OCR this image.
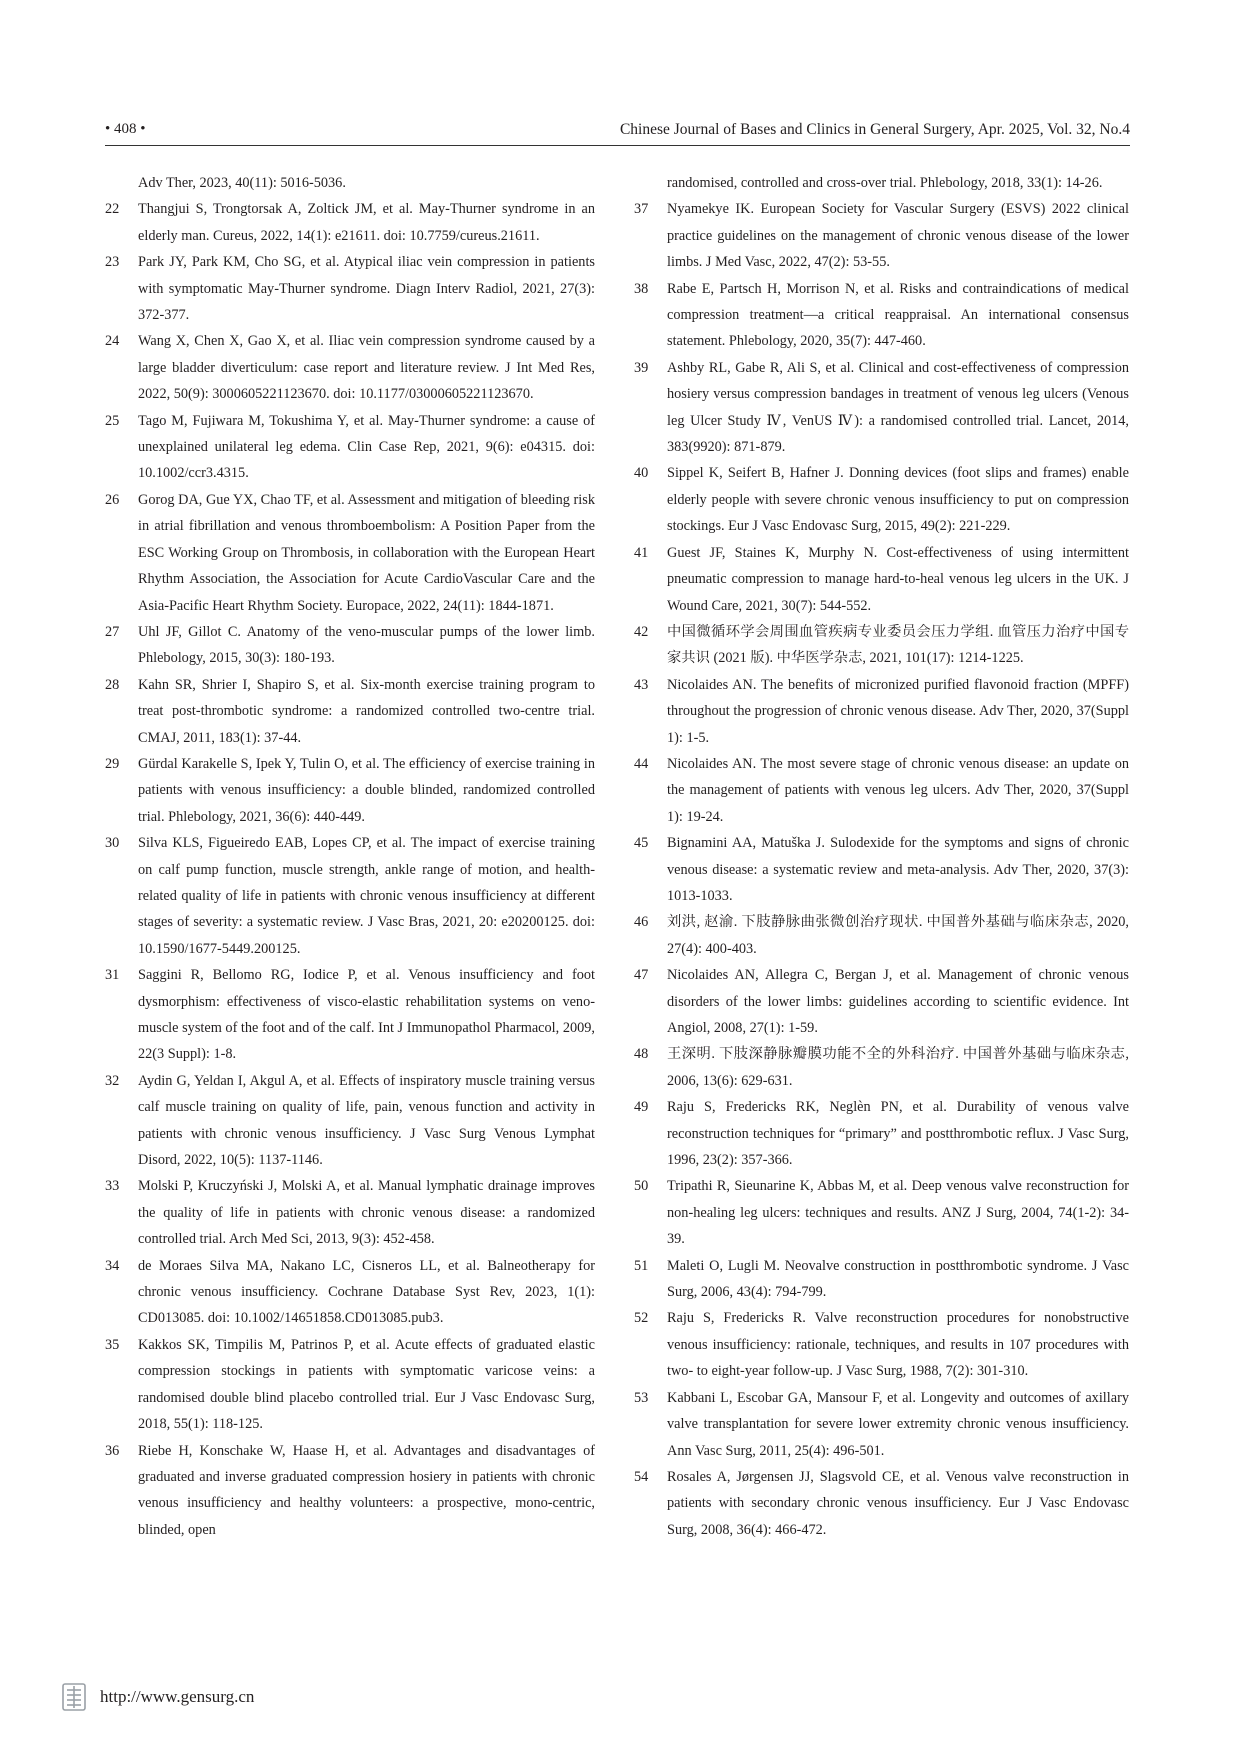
• 408 •	Chinese Journal of Bases and Clinics in General Surgery, Apr. 2025, Vol. 32, No.4
Adv Ther, 2023, 40(11): 5016-5036.
22	Thangjui S, Trongtorsak A, Zoltick JM, et al. May-Thurner syndrome in an elderly man. Cureus, 2022, 14(1): e21611. doi: 10.7759/cureus.21611.
23	Park JY, Park KM, Cho SG, et al. Atypical iliac vein compression in patients with symptomatic May-Thurner syndrome. Diagn Interv Radiol, 2021, 27(3): 372-377.
24	Wang X, Chen X, Gao X, et al. Iliac vein compression syndrome caused by a large bladder diverticulum: case report and literature review. J Int Med Res, 2022, 50(9): 3000605221123670. doi: 10.1177/03000605221123670.
25	Tago M, Fujiwara M, Tokushima Y, et al. May-Thurner syndrome: a cause of unexplained unilateral leg edema. Clin Case Rep, 2021, 9(6): e04315. doi: 10.1002/ccr3.4315.
26	Gorog DA, Gue YX, Chao TF, et al. Assessment and mitigation of bleeding risk in atrial fibrillation and venous thromboembolism: A Position Paper from the ESC Working Group on Thrombosis, in collaboration with the European Heart Rhythm Association, the Association for Acute CardioVascular Care and the Asia-Pacific Heart Rhythm Society. Europace, 2022, 24(11): 1844-1871.
27	Uhl JF, Gillot C. Anatomy of the veno-muscular pumps of the lower limb. Phlebology, 2015, 30(3): 180-193.
28	Kahn SR, Shrier I, Shapiro S, et al. Six-month exercise training program to treat post-thrombotic syndrome: a randomized controlled two-centre trial. CMAJ, 2011, 183(1): 37-44.
29	Gürdal Karakelle S, Ipek Y, Tulin O, et al. The efficiency of exercise training in patients with venous insufficiency: a double blinded, randomized controlled trial. Phlebology, 2021, 36(6): 440-449.
30	Silva KLS, Figueiredo EAB, Lopes CP, et al. The impact of exercise training on calf pump function, muscle strength, ankle range of motion, and health-related quality of life in patients with chronic venous insufficiency at different stages of severity: a systematic review. J Vasc Bras, 2021, 20: e20200125. doi: 10.1590/1677-5449.200125.
31	Saggini R, Bellomo RG, Iodice P, et al. Venous insufficiency and foot dysmorphism: effectiveness of visco-elastic rehabilitation systems on veno-muscle system of the foot and of the calf. Int J Immunopathol Pharmacol, 2009, 22(3 Suppl): 1-8.
32	Aydin G, Yeldan I, Akgul A, et al. Effects of inspiratory muscle training versus calf muscle training on quality of life, pain, venous function and activity in patients with chronic venous insufficiency. J Vasc Surg Venous Lymphat Disord, 2022, 10(5): 1137-1146.
33	Molski P, Kruczyński J, Molski A, et al. Manual lymphatic drainage improves the quality of life in patients with chronic venous disease: a randomized controlled trial. Arch Med Sci, 2013, 9(3): 452-458.
34	de Moraes Silva MA, Nakano LC, Cisneros LL, et al. Balneotherapy for chronic venous insufficiency. Cochrane Database Syst Rev, 2023, 1(1): CD013085. doi: 10.1002/14651858.CD013085.pub3.
35	Kakkos SK, Timpilis M, Patrinos P, et al. Acute effects of graduated elastic compression stockings in patients with symptomatic varicose veins: a randomised double blind placebo controlled trial. Eur J Vasc Endovasc Surg, 2018, 55(1): 118-125.
36	Riebe H, Konschake W, Haase H, et al. Advantages and disadvantages of graduated and inverse graduated compression hosiery in patients with chronic venous insufficiency and healthy volunteers: a prospective, mono-centric, blinded, open
randomised, controlled and cross-over trial. Phlebology, 2018, 33(1): 14-26.
37	Nyamekye IK. European Society for Vascular Surgery (ESVS) 2022 clinical practice guidelines on the management of chronic venous disease of the lower limbs. J Med Vasc, 2022, 47(2): 53-55.
38	Rabe E, Partsch H, Morrison N, et al. Risks and contraindications of medical compression treatment—a critical reappraisal. An international consensus statement. Phlebology, 2020, 35(7): 447-460.
39	Ashby RL, Gabe R, Ali S, et al. Clinical and cost-effectiveness of compression hosiery versus compression bandages in treatment of venous leg ulcers (Venous leg Ulcer Study Ⅳ, VenUS Ⅳ): a randomised controlled trial. Lancet, 2014, 383(9920): 871-879.
40	Sippel K, Seifert B, Hafner J. Donning devices (foot slips and frames) enable elderly people with severe chronic venous insufficiency to put on compression stockings. Eur J Vasc Endovasc Surg, 2015, 49(2): 221-229.
41	Guest JF, Staines K, Murphy N. Cost-effectiveness of using intermittent pneumatic compression to manage hard-to-heal venous leg ulcers in the UK. J Wound Care, 2021, 30(7): 544-552.
42	中国微循环学会周围血管疾病专业委员会压力学组. 血管压力治疗中国专家共识 (2021 版). 中华医学杂志, 2021, 101(17): 1214-1225.
43	Nicolaides AN. The benefits of micronized purified flavonoid fraction (MPFF) throughout the progression of chronic venous disease. Adv Ther, 2020, 37(Suppl 1): 1-5.
44	Nicolaides AN. The most severe stage of chronic venous disease: an update on the management of patients with venous leg ulcers. Adv Ther, 2020, 37(Suppl 1): 19-24.
45	Bignamini AA, Matuška J. Sulodexide for the symptoms and signs of chronic venous disease: a systematic review and meta-analysis. Adv Ther, 2020, 37(3): 1013-1033.
46	刘洪, 赵渝. 下肢静脉曲张微创治疗现状. 中国普外基础与临床杂志, 2020, 27(4): 400-403.
47	Nicolaides AN, Allegra C, Bergan J, et al. Management of chronic venous disorders of the lower limbs: guidelines according to scientific evidence. Int Angiol, 2008, 27(1): 1-59.
48	王深明. 下肢深静脉瓣膜功能不全的外科治疗. 中国普外基础与临床杂志, 2006, 13(6): 629-631.
49	Raju S, Fredericks RK, Neglèn PN, et al. Durability of venous valve reconstruction techniques for “primary” and postthrombotic reflux. J Vasc Surg, 1996, 23(2): 357-366.
50	Tripathi R, Sieunarine K, Abbas M, et al. Deep venous valve reconstruction for non-healing leg ulcers: techniques and results. ANZ J Surg, 2004, 74(1-2): 34-39.
51	Maleti O, Lugli M. Neovalve construction in postthrombotic syndrome. J Vasc Surg, 2006, 43(4): 794-799.
52	Raju S, Fredericks R. Valve reconstruction procedures for nonobstructive venous insufficiency: rationale, techniques, and results in 107 procedures with two- to eight-year follow-up. J Vasc Surg, 1988, 7(2): 301-310.
53	Kabbani L, Escobar GA, Mansour F, et al. Longevity and outcomes of axillary valve transplantation for severe lower extremity chronic venous insufficiency. Ann Vasc Surg, 2011, 25(4): 496-501.
54	Rosales A, Jørgensen JJ, Slagsvold CE, et al. Venous valve reconstruction in patients with secondary chronic venous insufficiency. Eur J Vasc Endovasc Surg, 2008, 36(4): 466-472.
http://www.gensurg.cn
